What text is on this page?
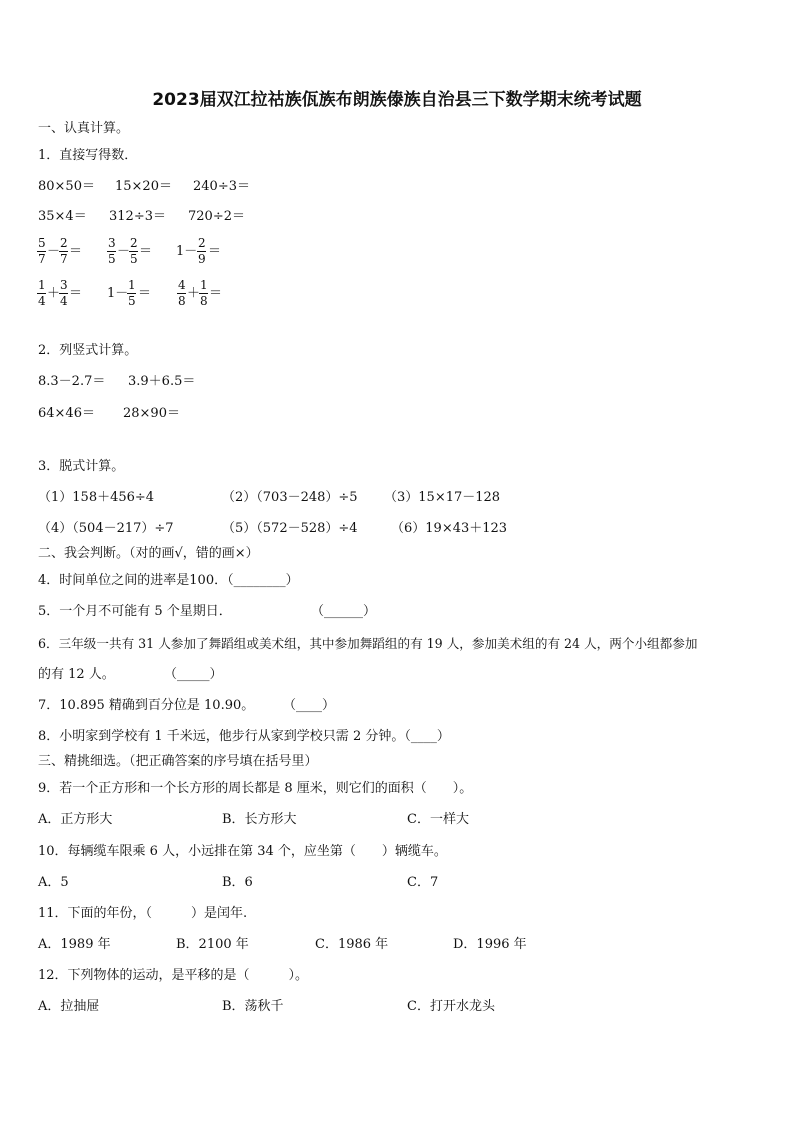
2023届双江拉祜族佤族布朗族傣族自治县三下数学期末统考试题
一、认真计算。
1．直接写得数．
80×50＝ 15×20＝ 240÷3＝
35×4＝ 312÷3＝ 720÷2＝
5
7 －
2
7 ＝
3
5 －
2
5 ＝ 1－
2
9 ＝
1
4 ＋
3
4 ＝ 1－
1
5 ＝
4
8 ＋
1
8 ＝
2．列竖式计算。
8.3－2.7＝ 3.9＋6.5＝
64×46＝ 28×90＝
3．脱式计算。
（1）158＋456÷4	（2）（703－248）÷5 （3）15×17－128
（4）（504－217）÷7	（5）（572－528）÷4	（6）19×43＋123
二、我会判断。（对的画√，错的画×）
4．时间单位之间的进率是100．（________）
5．一个月不可能有 5 个星期日．	（______）
6．三年级一共有 31 人参加了舞蹈组或美术组，其中参加舞蹈组的有 19 人，参加美术组的有 24 人，两个小组都参加
的有 12 人。	（_____）
7．10.895 精确到百分位是 10.90。 （____）
8．小明家到学校有 1 千米远，他步行从家到学校只需 2 分钟。（____）
三、精挑细选。（把正确答案的序号填在括号里）
9．若一个正方形和一个长方形的周长都是 8 厘米，则它们的面积（　　）。
A．正方形大	B．长方形大	C．一样大
10．每辆缆车限乘 6 人，小远排在第 34 个，应坐第（　　）辆缆车。
A．5	B．6	C．7
11．下面的年份，（　　　）是闰年.
A．1989 年	B．2100 年	C．1986 年	D．1996 年
12．下列物体的运动，是平移的是（　　　）。
A．拉抽屉	B．荡秋千	C．打开水龙头
